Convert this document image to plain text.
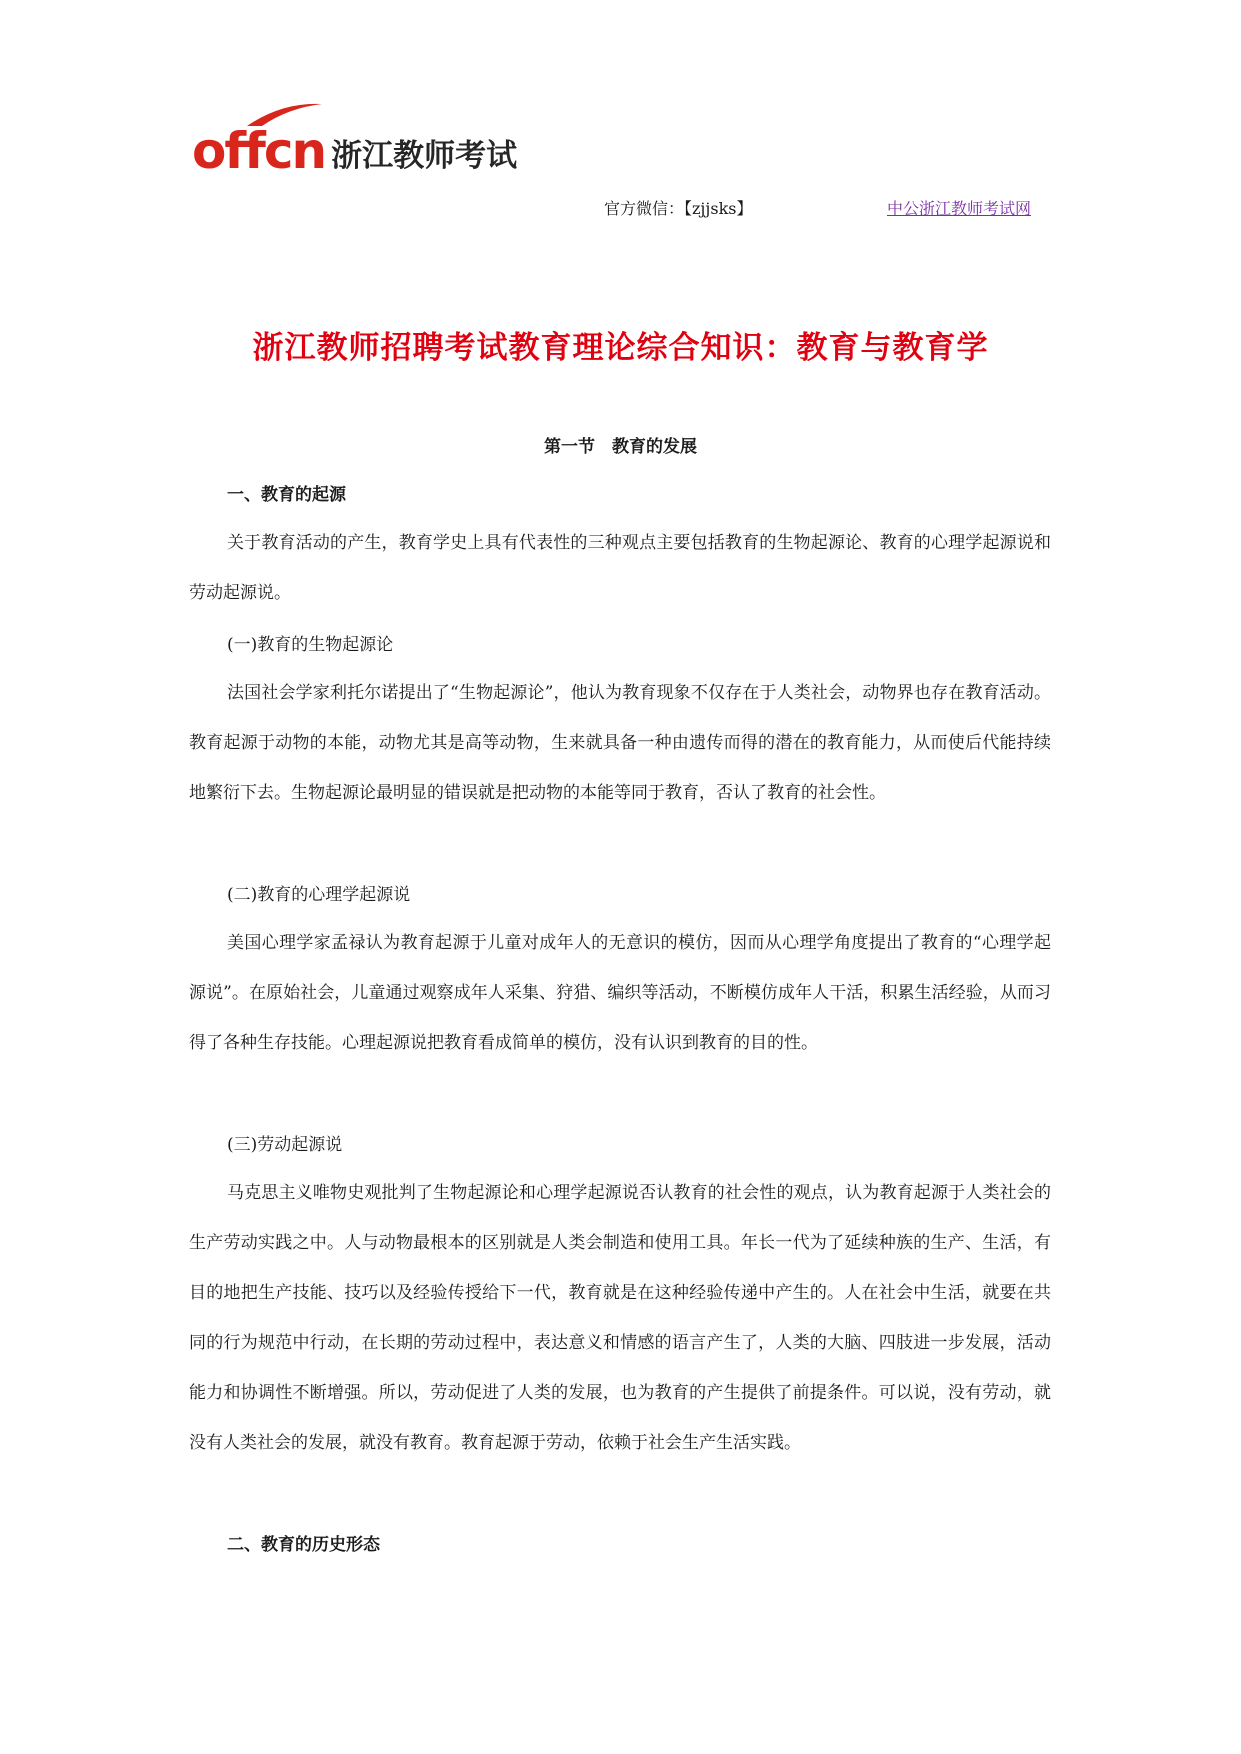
offcn 浙江教师考试
官方微信：【zjjsks】	中公浙江教师考试网
浙江教师招聘考试教育理论综合知识：教育与教育学
第一节　教育的发展
一、教育的起源

关于教育活动的产生，教育学史上具有代表性的三种观点主要包括教育的生物起源论、教育的心理学起源说和劳动起源说。

(一)教育的生物起源论

法国社会学家利托尔诺提出了“生物起源论”，他认为教育现象不仅存在于人类社会，动物界也存在教育活动。教育起源于动物的本能，动物尤其是高等动物，生来就具备一种由遗传而得的潜在的教育能力，从而使后代能持续地繁衍下去。生物起源论最明显的错误就是把动物的本能等同于教育，否认了教育的社会性。

(二)教育的心理学起源说

美国心理学家孟禄认为教育起源于儿童对成年人的无意识的模仿，因而从心理学角度提出了教育的“心理学起源说”。在原始社会，儿童通过观察成年人采集、狩猎、编织等活动，不断模仿成年人干活，积累生活经验，从而习得了各种生存技能。心理起源说把教育看成简单的模仿，没有认识到教育的目的性。

(三)劳动起源说

马克思主义唯物史观批判了生物起源论和心理学起源说否认教育的社会性的观点，认为教育起源于人类社会的生产劳动实践之中。人与动物最根本的区别就是人类会制造和使用工具。年长一代为了延续种族的生产、生活，有目的地把生产技能、技巧以及经验传授给下一代，教育就是在这种经验传递中产生的。人在社会中生活，就要在共同的行为规范中行动，在长期的劳动过程中，表达意义和情感的语言产生了，人类的大脑、四肢进一步发展，活动能力和协调性不断增强。所以，劳动促进了人类的发展，也为教育的产生提供了前提条件。可以说，没有劳动，就没有人类社会的发展，就没有教育。教育起源于劳动，依赖于社会生产生活实践。

二、教育的历史形态
